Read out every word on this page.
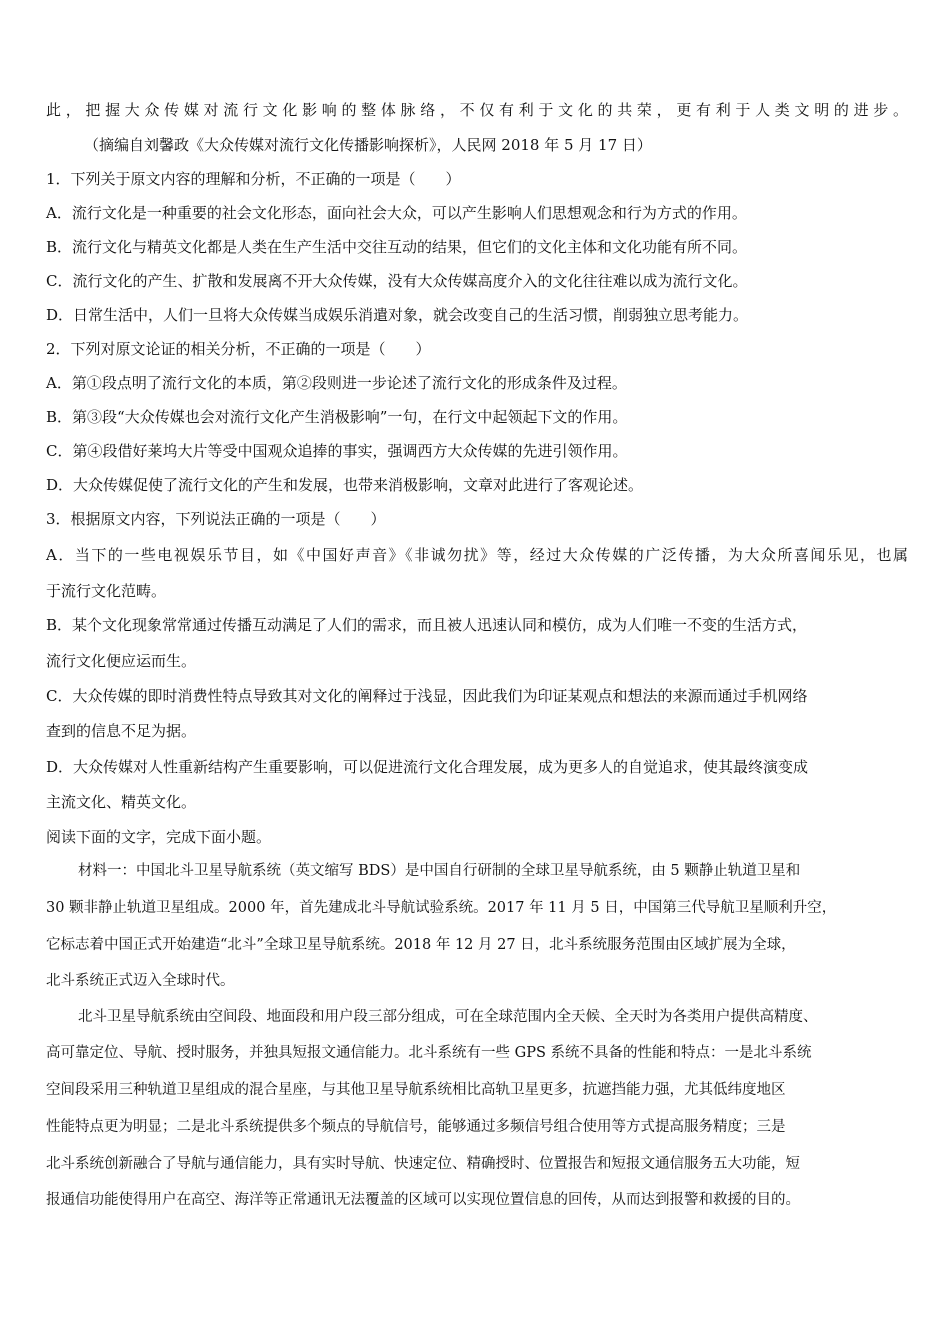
此，把握大众传媒对流行文化影响的整体脉络，不仅有利于文化的共荣，更有利于人类文明的进步。
（摘编自刘馨政《大众传媒对流行文化传播影响探析》，人民网 2018 年 5 月 17 日）
1．下列关于原文内容的理解和分析，不正确的一项是（　　）
A．流行文化是一种重要的社会文化形态，面向社会大众，可以产生影响人们思想观念和行为方式的作用。
B．流行文化与精英文化都是人类在生产生活中交往互动的结果，但它们的文化主体和文化功能有所不同。
C．流行文化的产生、扩散和发展离不开大众传媒，没有大众传媒高度介入的文化往往难以成为流行文化。
D．日常生活中，人们一旦将大众传媒当成娱乐消遣对象，就会改变自己的生活习惯，削弱独立思考能力。
2．下列对原文论证的相关分析，不正确的一项是（　　）
A．第①段点明了流行文化的本质，第②段则进一步论述了流行文化的形成条件及过程。
B．第③段“大众传媒也会对流行文化产生消极影响”一句，在行文中起领起下文的作用。
C．第④段借好莱坞大片等受中国观众追捧的事实，强调西方大众传媒的先进引领作用。
D．大众传媒促使了流行文化的产生和发展，也带来消极影响，文章对此进行了客观论述。
3．根据原文内容，下列说法正确的一项是（　　）
A．当下的一些电视娱乐节目，如《中国好声音》《非诚勿扰》等，经过大众传媒的广泛传播，为大众所喜闻乐见，也属
于流行文化范畴。
B．某个文化现象常常通过传播互动满足了人们的需求，而且被人迅速认同和模仿，成为人们唯一不变的生活方式，
流行文化便应运而生。
C．大众传媒的即时消费性特点导致其对文化的阐释过于浅显，因此我们为印证某观点和想法的来源而通过手机网络
查到的信息不足为据。
D．大众传媒对人性重新结构产生重要影响，可以促进流行文化合理发展，成为更多人的自觉追求，使其最终演变成
主流文化、精英文化。
阅读下面的文字，完成下面小题。
材料一：中国北斗卫星导航系统（英文缩写 BDS）是中国自行研制的全球卫星导航系统，由 5 颗静止轨道卫星和
30 颗非静止轨道卫星组成。2000 年，首先建成北斗导航试验系统。2017 年 11 月 5 日，中国第三代导航卫星顺利升空，
它标志着中国正式开始建造“北斗”全球卫星导航系统。2018 年 12 月 27 日，北斗系统服务范围由区域扩展为全球，
北斗系统正式迈入全球时代。
北斗卫星导航系统由空间段、地面段和用户段三部分组成，可在全球范围内全天候、全天时为各类用户提供高精度、
高可靠定位、导航、授时服务，并独具短报文通信能力。北斗系统有一些 GPS 系统不具备的性能和特点：一是北斗系统
空间段采用三种轨道卫星组成的混合星座，与其他卫星导航系统相比高轨卫星更多，抗遮挡能力强，尤其低纬度地区
性能特点更为明显；二是北斗系统提供多个频点的导航信号，能够通过多频信号组合使用等方式提高服务精度；三是
北斗系统创新融合了导航与通信能力，具有实时导航、快速定位、精确授时、位置报告和短报文通信服务五大功能，短
报通信功能使得用户在高空、海洋等正常通讯无法覆盖的区域可以实现位置信息的回传，从而达到报警和救援的目的。
